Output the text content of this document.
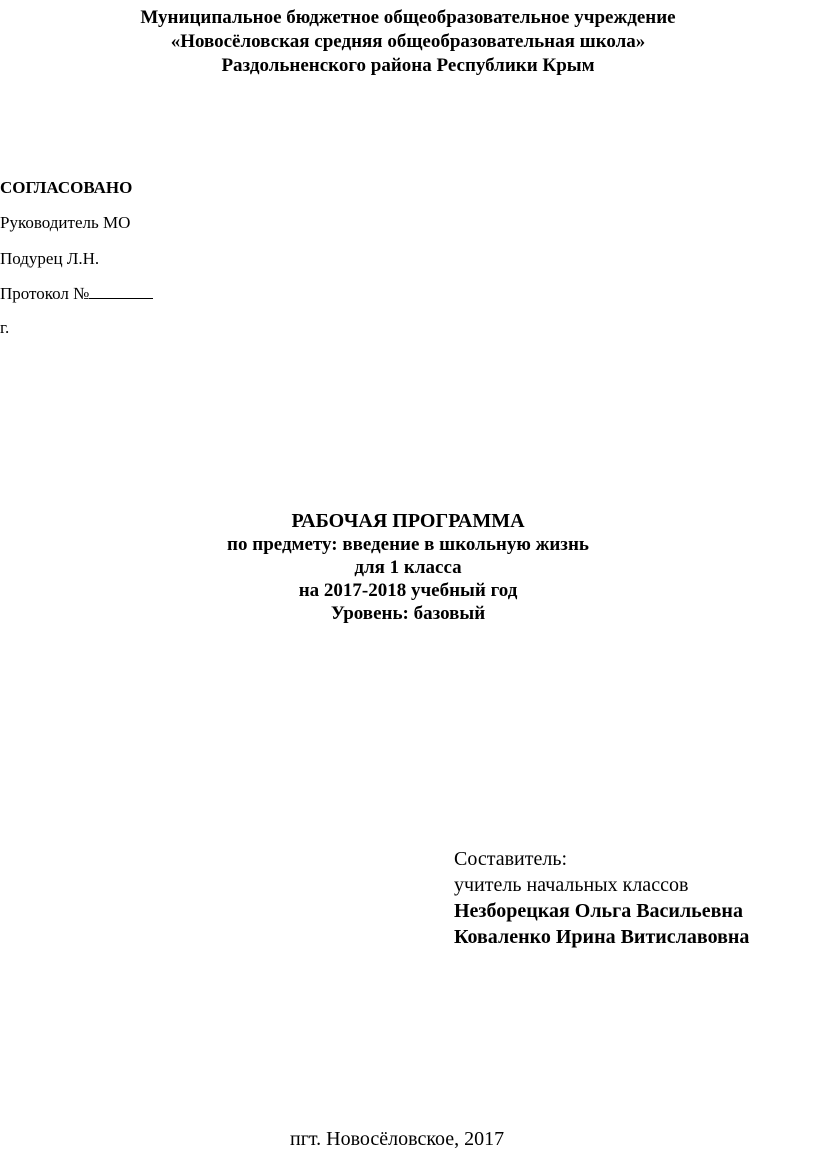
Муниципальное бюджетное общеобразовательное учреждение
«Новосёловская средняя общеобразовательная школа»
Раздольненского района Республики Крым
СОГЛАСОВАНО
Руководитель МО
Подурец Л.Н.
Протокол №
г.
РАБОЧАЯ ПРОГРАММА
по предмету: введение в школьную жизнь
для 1 класса
на 2017-2018 учебный год
Уровень: базовый
Составитель:
учитель начальных классов
Незборецкая Ольга Васильевна
Коваленко Ирина Витиславовна
пгт. Новосёловское, 2017
